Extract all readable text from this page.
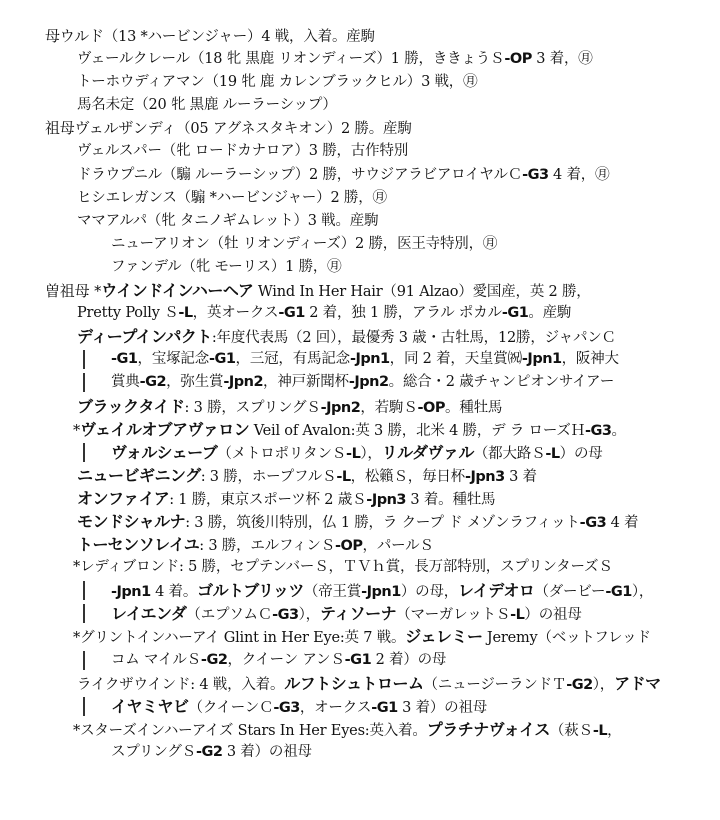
母ウルド（13 *ハービンジャー）4 戦，入着。産駒
ヴェールクレール（18 牝 黒鹿 リオンディーズ）1 勝，ききょうＳ-OP 3 着，㊊
トーホウディアマン（19 牝 鹿 カレンブラックヒル）3 戦，㊊
馬名未定（20 牝 黒鹿 ルーラーシップ）
祖母ヴェルザンディ（05 アグネスタキオン）2 勝。産駒
ヴェルスパー（牝 ロードカナロア）3 勝，古作特別
ドラウプニル（騸 ルーラーシップ）2 勝，サウジアラビアロイヤルＣ-G3 4 着，㊊
ヒシエレガンス（騸 *ハービンジャー）2 勝，㊊
ママアルパ（牝 タニノギムレット）3 戦。産駒
ニューアリオン（牡 リオンディーズ）2 勝，医王寺特別，㊊
ファンデル（牝 モーリス）1 勝，㊊
曽祖母 *ウインドインハーヘア Wind In Her Hair（91 Alzao）愛国産，英 2 勝，
Pretty Polly Ｓ-L，英オークス-G1 2 着，独 1 勝，アラル ポカル-G1。産駒
ディープインパクト:年度代表馬（2 回），最優秀 3 歳・古牡馬，12勝，ジャパンＣ
-G1，宝塚記念-G1，三冠，有馬記念-Jpn1，同 2 着，天皇賞㈷-Jpn1，阪神大
賞典-G2，弥生賞-Jpn2，神戸新聞杯-Jpn2。総合・2 歳チャンピオンサイアー
ブラックタイド: 3 勝，スプリングＳ-Jpn2，若駒Ｓ-OP。種牡馬
*ヴェイルオブアヴァロン Veil of Avalon:英 3 勝，北米 4 勝，デ ラ ローズＨ-G3。
ヴォルシェーブ（メトロポリタンＳ-L），リルダヴァル（都大路Ｓ-L）の母
ニュービギニング: 3 勝，ホープフルＳ-L，松籟Ｓ，毎日杯-Jpn3 3 着
オンファイア: 1 勝，東京スポーツ杯 2 歳Ｓ-Jpn3 3 着。種牡馬
モンドシャルナ: 3 勝，筑後川特別，仏 1 勝，ラ クープ ド メゾンラフィット-G3 4 着
トーセンソレイユ: 3 勝，エルフィンＳ-OP，パールＳ
*レディブロンド: 5 勝，セプテンバーＳ，ＴＶｈ賞，長万部特別，スプリンターズＳ
-Jpn1 4 着。ゴルトブリッツ（帝王賞-Jpn1）の母，レイデオロ（ダービー-G1），
レイエンダ（エプソムＣ-G3），ティソーナ（マーガレットＳ-L）の祖母
*グリントインハーアイ Glint in Her Eye:英 7 戦。ジェレミー Jeremy（ベットフレッド
コム マイルＳ-G2，クイーン アンＳ-G1 2 着）の母
ライクザウインド: 4 戦，入着。ルフトシュトローム（ニュージーランドＴ-G2），アドマ
イヤミヤビ（クイーンＣ-G3，オークス-G1 3 着）の祖母
*スターズインハーアイズ Stars In Her Eyes:英入着。プラチナヴォイス（萩Ｓ-L，
スプリングＳ-G2 3 着）の祖母
